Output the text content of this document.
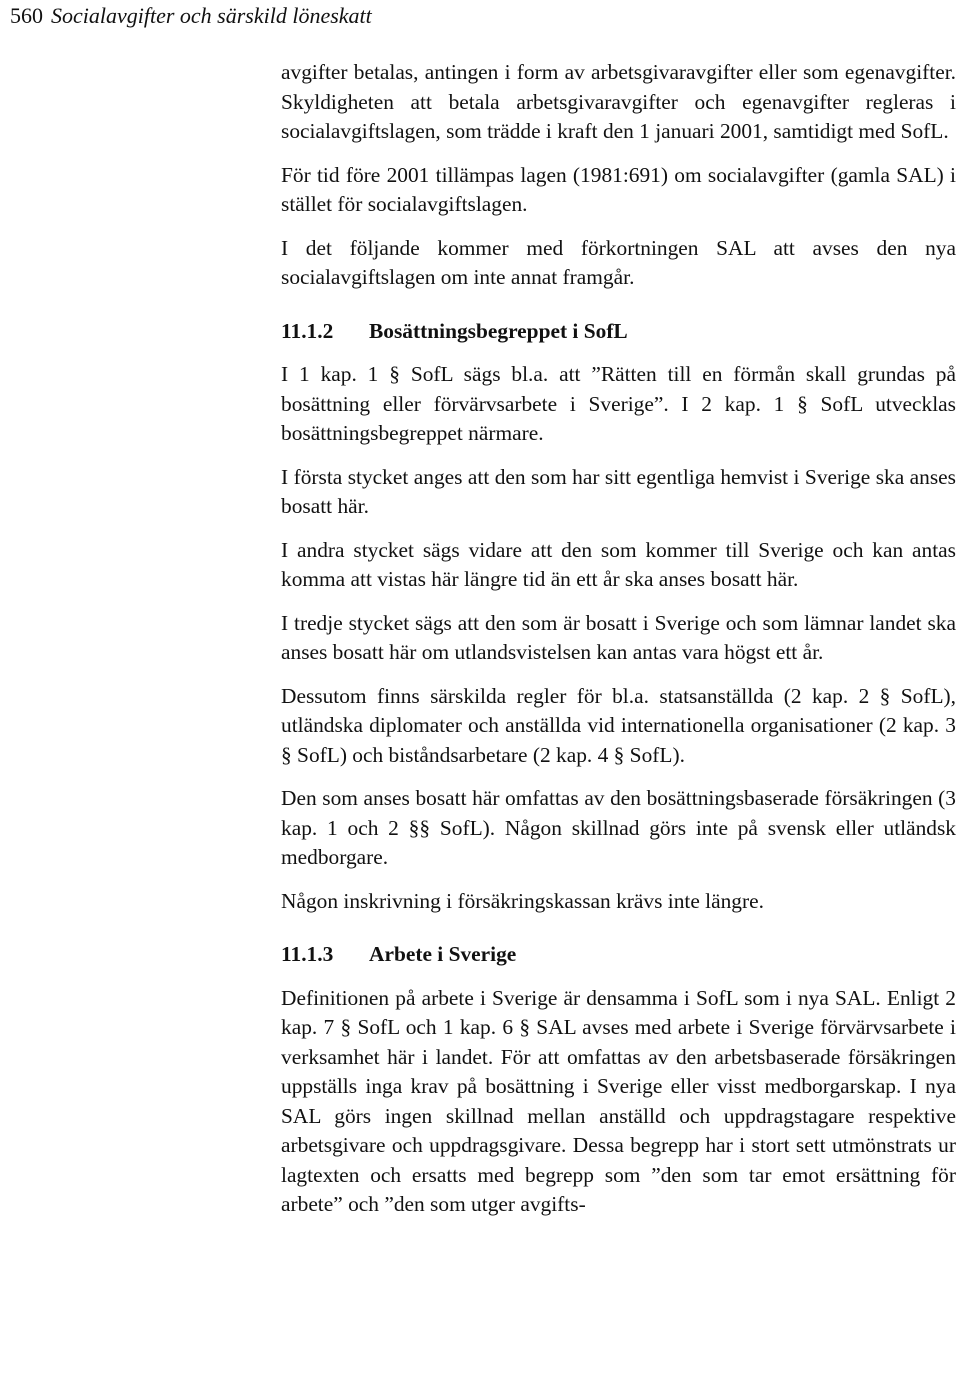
560 Socialavgifter och särskild löneskatt

avgifter betalas, antingen i form av arbetsgivaravgifter eller som egenavgifter. Skyldigheten att betala arbetsgivaravgifter och egenavgifter regleras i socialavgiftslagen, som trädde i kraft den 1 januari 2001, samtidigt med SofL.

För tid före 2001 tillämpas lagen (1981:691) om socialavgifter (gamla SAL) i stället för socialavgiftslagen.

I det följande kommer med förkortningen SAL att avses den nya socialavgiftslagen om inte annat framgår.

11.1.2 Bosättningsbegreppet i SofL

I 1 kap. 1 § SofL sägs bl.a. att ”Rätten till en förmån skall grundas på bosättning eller förvärvsarbete i Sverige”. I 2 kap. 1 § SofL utvecklas bosättningsbegreppet närmare.

I första stycket anges att den som har sitt egentliga hemvist i Sverige ska anses bosatt här.

I andra stycket sägs vidare att den som kommer till Sverige och kan antas komma att vistas här längre tid än ett år ska anses bosatt här.

I tredje stycket sägs att den som är bosatt i Sverige och som lämnar landet ska anses bosatt här om utlandsvistelsen kan antas vara högst ett år.

Dessutom finns särskilda regler för bl.a. statsanställda (2 kap. 2 § SofL), utländska diplomater och anställda vid internationella organisationer (2 kap. 3 § SofL) och biståndsarbetare (2 kap. 4 § SofL).

Den som anses bosatt här omfattas av den bosättningsbaserade försäkringen (3 kap. 1 och 2 §§ SofL). Någon skillnad görs inte på svensk eller utländsk medborgare.

Någon inskrivning i försäkringskassan krävs inte längre.

11.1.3 Arbete i Sverige

Definitionen på arbete i Sverige är densamma i SofL som i nya SAL. Enligt 2 kap. 7 § SofL och 1 kap. 6 § SAL avses med arbete i Sverige förvärvsarbete i verksamhet här i landet. För att omfattas av den arbetsbaserade försäkringen uppställs inga krav på bosättning i Sverige eller visst medborgarskap. I nya SAL görs ingen skillnad mellan anställd och uppdragstagare respektive arbetsgivare och uppdragsgivare. Dessa begrepp har i stort sett utmönstrats ur lagtexten och ersatts med begrepp som ”den som tar emot ersättning för arbete” och ”den som utger avgifts-
